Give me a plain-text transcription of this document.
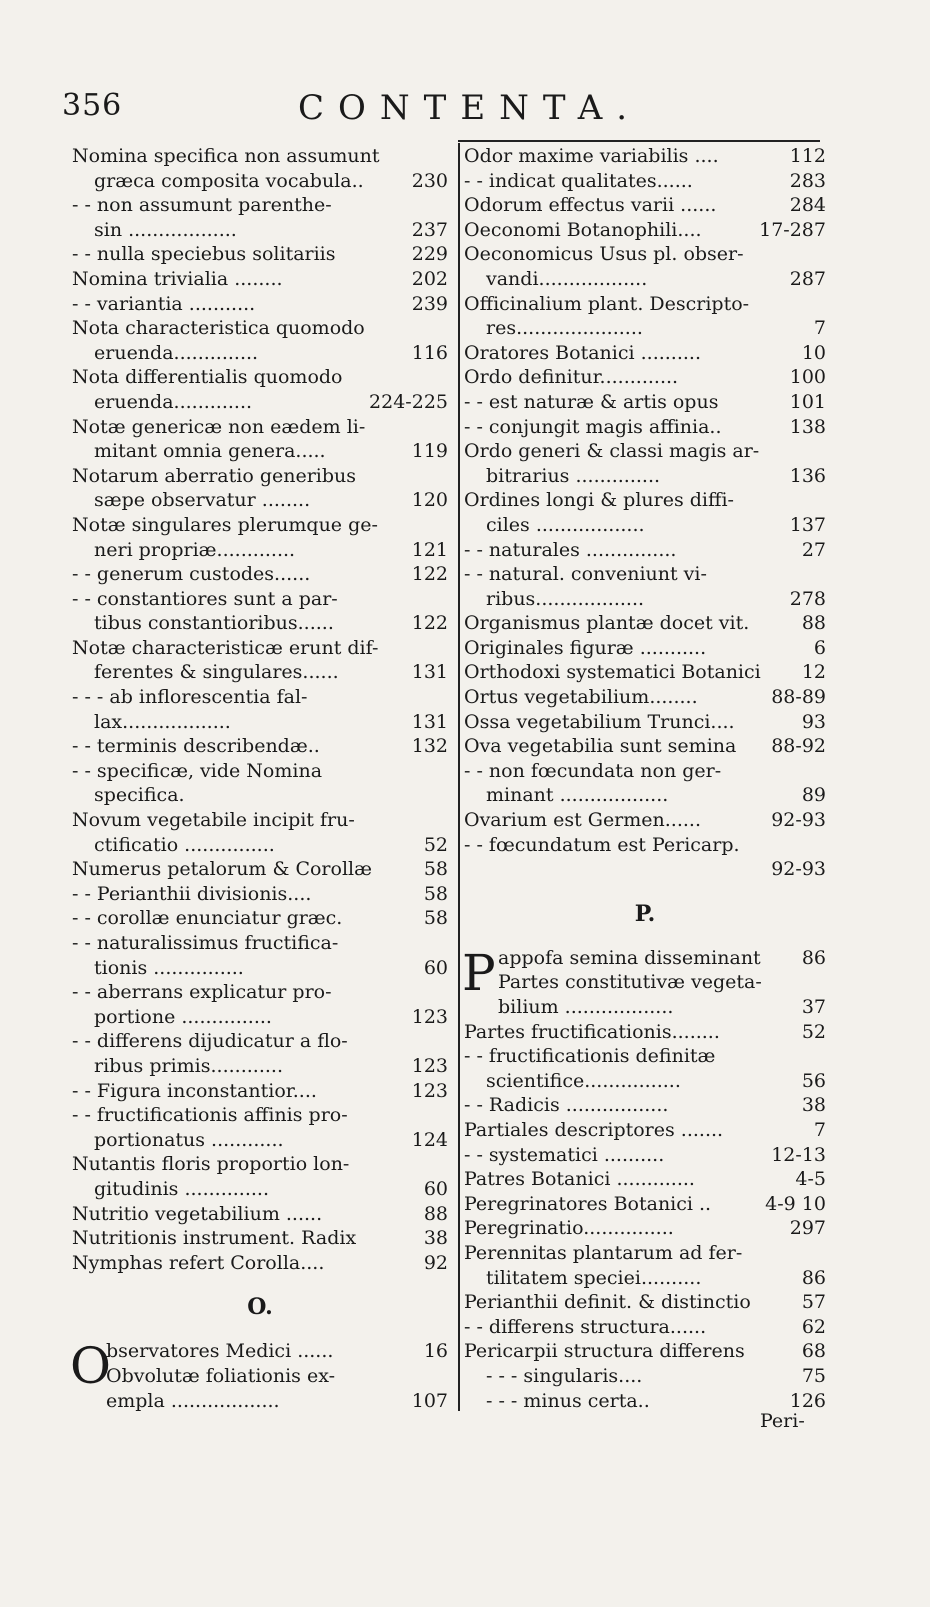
356	CONTENTA.
Nomina specifica non assumunt
græca composita vocabula..	230
- - non assumunt parenthe-
sin ..................	237
- - nulla speciebus solitariis	229
Nomina trivialia ........	202
- - variantia ...........	239
Nota characteristica quomodo
eruenda..............	116
Nota differentialis quomodo
eruenda.............	224-225
Notæ genericæ non eædem li-
mitant omnia genera.....	119
Notarum aberratio generibus
sæpe observatur ........	120
Notæ singulares plerumque ge-
neri propriæ.............	121
- - generum custodes......	122
- - constantiores sunt a par-
tibus constantioribus......	122
Notæ characteristicæ erunt dif-
ferentes & singulares......	131
- - - ab inflorescentia fal-
lax..................	131
- - terminis describendæ..	132
- - specificæ, vide Nomina
specifica.
Novum vegetabile incipit fru-
ctificatio ...............	52
Numerus petalorum & Corollæ	58
- - Perianthii divisionis....	58
- - corollæ enunciatur græc.	58
- - naturalissimus fructifica-
tionis ...............	60
- - aberrans explicatur pro-
portione ...............	123
- - differens dijudicatur a flo-
ribus primis............	123
- - Figura inconstantior....	123
- - fructificationis affinis pro-
portionatus ............	124
Nutantis floris proportio lon-
gitudinis ..............	60
Nutritio vegetabilium ......	88
Nutritionis instrument. Radix	38
Nymphas refert Corolla....	92
O.
O
bservatores Medici ......	16
Obvolutæ foliationis ex-
empla ..................	107
Odor maxime variabilis ....	112
- - indicat qualitates......	283
Odorum effectus varii ......	284
Oeconomi Botanophili....	17-287
Oeconomicus Usus pl. obser-
vandi..................	287
Officinalium plant. Descripto-
res.....................	7
Oratores Botanici ..........	10
Ordo definitur.............	100
- - est naturæ & artis opus	101
- - conjungit magis affinia..	138
Ordo generi & classi magis ar-
bitrarius ..............	136
Ordines longi & plures diffi-
ciles ..................	137
- - naturales ...............	27
- - natural. conveniunt vi-
ribus..................	278
Organismus plantæ docet vit.	88
Originales figuræ ...........	6
Orthodoxi systematici Botanici	12
Ortus vegetabilium........	88-89
Ossa vegetabilium Trunci....	93
Ova vegetabilia sunt semina	88-92
- - non fœcundata non ger-
minant ..................	89
Ovarium est Germen......	92-93
- - fœcundatum est Pericarp.
92-93
P.
P appofa semina disseminant	86
Partes constitutivæ vegeta-
bilium ..................	37
Partes fructificationis........	52
- - fructificationis definitæ
scientifice................	56
- - Radicis .................	38
Partiales descriptores .......	7
- - systematici ..........	12-13
Patres Botanici .............	4-5
Peregrinatores Botanici ..	4-9 10
Peregrinatio...............	297
Perennitas plantarum ad fer-
tilitatem speciei..........	86
Perianthii definit. & distinctio	57
- - differens structura......	62
Pericarpii structura differens	68
- - - singularis....	75
- - - minus certa..	126
Peri-
